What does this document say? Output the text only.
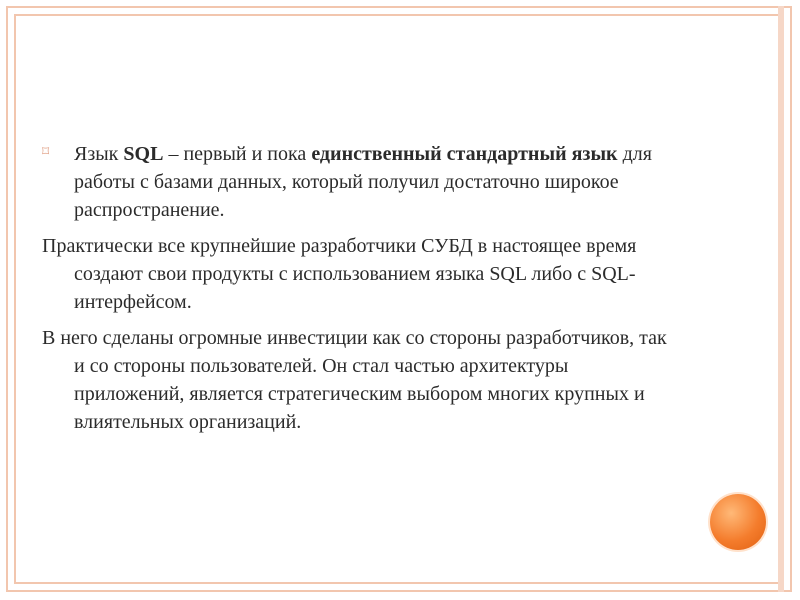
⌑	Язык SQL – первый и пока единственный стандартный язык для работы с базами данных, который получил достаточно широкое распространение.

Практически все крупнейшие разработчики СУБД в настоящее время создают свои продукты с использованием языка SQL либо с SQL-интерфейсом.

В него сделаны огромные инвестиции как со стороны разработчиков, так и со стороны пользователей. Он стал частью архитектуры приложений, является стратегическим выбором многих крупных и влиятельных организаций.
